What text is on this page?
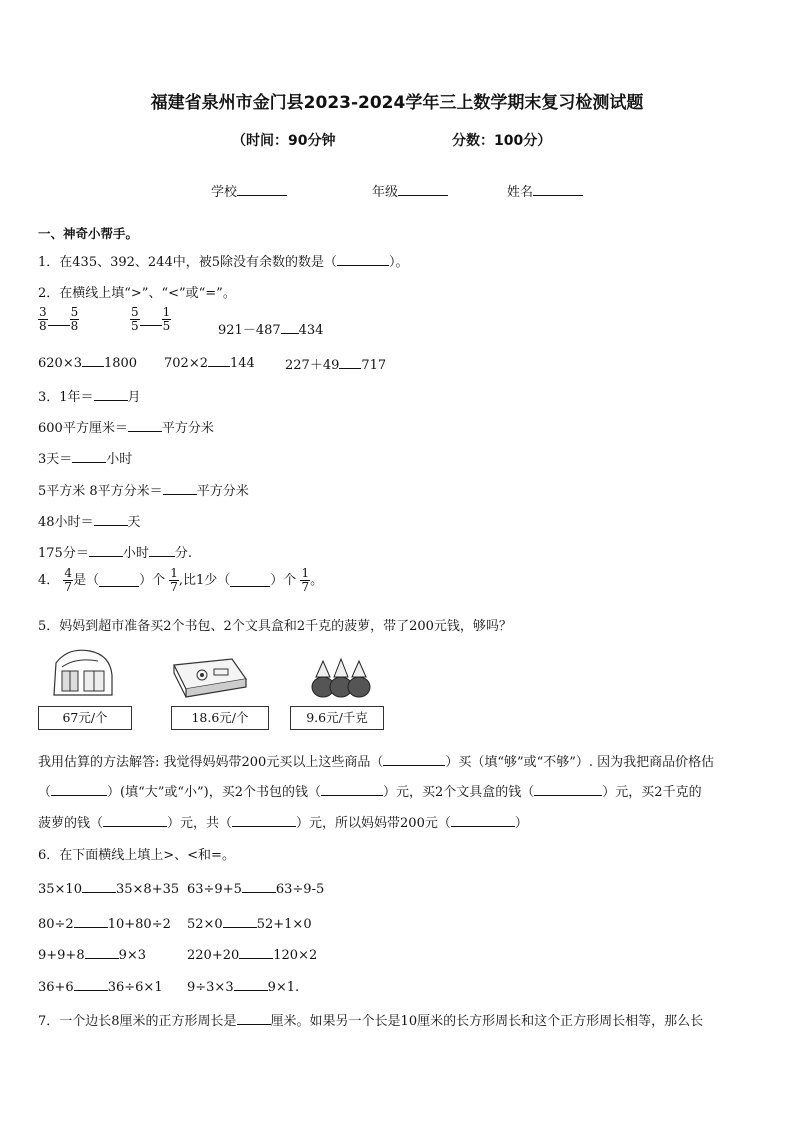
福建省泉州市金门县2023-2024学年三上数学期末复习检测试题
（时间：90分钟	分数：100分）
学校	年级	姓名
一、神奇小帮手。
1．在435、392、244中，被5除没有余数的数是（	）。
2．在横线上填“>”、“<”或“=”。
$\frac{3}{8} \frac{5}{8}$	$\frac{5}{5} \frac{1}{5}$	921－487 434
620×3 1800 702×2 144 227＋49 717
3．1年＝	月
600平方厘米＝	平方分米
3天＝	小时
5平方米 8平方分米＝	平方分米
48小时＝	天
175分＝	小时 分.
4． $\frac{4}{7}$ 是（	）个 $\frac{1}{7}$ ,比1少（	）个 $\frac{1}{7}$ 。
5．妈妈到超市准备买2个书包、2个文具盒和2千克的菠萝，带了200元钱，够吗？
67元/个	18.6元/个	9.6元/千克
我用估算的方法解答: 我觉得妈妈带200元买以上这些商品（	）买（填“够”或“不够”）. 因为我把商品价格估
（	）(填“大”或“小”)，买2个书包的钱（	）元，买2个文具盒的钱（	）元，买2千克的
菠萝的钱（	）元，共（	）元，所以妈妈带200元（	）
6．在下面横线上填上>、<和=。
35×10	35×8+35 63÷9+5	63÷9-5
80÷2	10+80÷2 52×0	52+1×0
9+9+8	9×3	220+20	120×2
36+6	36÷6×1 9÷3×3	9×1.
7．一个边长8厘米的正方形周长是	厘米。如果另一个长是10厘米的长方形周长和这个正方形周长相等，那么长
